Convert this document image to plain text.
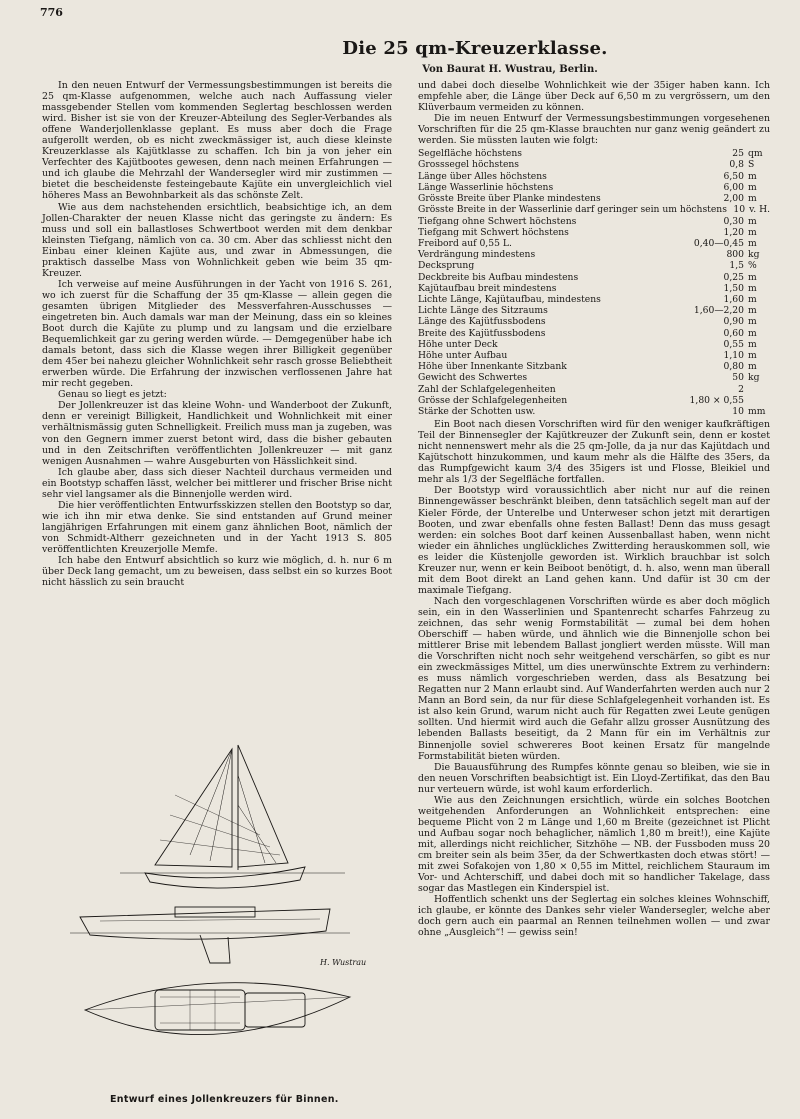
776
Die 25 qm-Kreuzerklasse.
Von Baurat H. Wustrau, Berlin.

In den neuen Entwurf der Vermessungsbestimmungen ist bereits die 25 qm-Klasse aufgenommen, welche auch nach Auffassung vieler massgebender Stellen vom kommenden Seglertag beschlossen werden wird. Bisher ist sie von der Kreuzer-Abteilung des Segler-Verbandes als offene Wanderjollenklasse geplant. Es muss aber doch die Frage aufgerollt werden, ob es nicht zweckmässiger ist, auch diese kleinste Kreuzerklasse als Kajütklasse zu schaffen. Ich bin ja von jeher ein Verfechter des Kajütbootes gewesen, denn nach meinen Erfahrungen — und ich glaube die Mehrzahl der Wandersegler wird mir zustimmen — bietet die bescheidenste festeingebaute Kajüte ein unvergleichlich viel höheres Mass an Bewohnbarkeit als das schönste Zelt.

Wie aus dem nachstehenden ersichtlich, beabsichtige ich, an dem Jollen-Charakter der neuen Klasse nicht das geringste zu ändern: Es muss und soll ein ballastloses Schwertboot werden mit dem denkbar kleinsten Tiefgang, nämlich von ca. 30 cm. Aber das schliesst nicht den Einbau einer kleinen Kajüte aus, und zwar in Abmessungen, die praktisch dasselbe Mass von Wohnlichkeit geben wie beim 35 qm-Kreuzer.

Ich verweise auf meine Ausführungen in der Yacht von 1916 S. 261, wo ich zuerst für die Schaffung der 35 qm-Klasse — allein gegen die gesamten übrigen Mitglieder des Messverfahren-Ausschusses — eingetreten bin. Auch damals war man der Meinung, dass ein so kleines Boot durch die Kajüte zu plump und zu langsam und die erzielbare Bequemlichkeit gar zu gering werden würde. — Demgegenüber habe ich damals betont, dass sich die Klasse wegen ihrer Billigkeit gegenüber dem 45er bei nahezu gleicher Wohnlichkeit sehr rasch grosse Beliebtheit erwerben würde. Die Erfahrung der inzwischen verflossenen Jahre hat mir recht gegeben.

Genau so liegt es jetzt:

Der Jollenkreuzer ist das kleine Wohn- und Wanderboot der Zukunft, denn er vereinigt Billigkeit, Handlichkeit und Wohnlichkeit mit einer verhältnismässig guten Schnelligkeit. Freilich muss man ja zugeben, was von den Gegnern immer zuerst betont wird, dass die bisher gebauten und in den Zeitschriften veröffentlichten Jollenkreuzer — mit ganz wenigen Ausnahmen — wahre Ausgeburten von Hässlichkeit sind.

Ich glaube aber, dass sich dieser Nachteil durchaus vermeiden und ein Bootstyp schaffen lässt, welcher bei mittlerer und frischer Brise nicht sehr viel langsamer als die Binnenjolle werden wird.

Die hier veröffentlichten Entwurfsskizzen stellen den Bootstyp so dar, wie ich ihn mir etwa denke. Sie sind entstanden auf Grund meiner langjährigen Erfahrungen mit einem ganz ähnlichen Boot, nämlich der von Schmidt-Altherr gezeichneten und in der Yacht 1913 S. 805 veröffentlichten Kreuzerjolle Memfe.

Ich habe den Entwurf absichtlich so kurz wie möglich, d. h. nur 6 m über Deck lang gemacht, um zu beweisen, dass selbst ein so kurzes Boot nicht hässlich zu sein braucht

und dabei doch dieselbe Wohnlichkeit wie der 35iger haben kann. Ich empfehle aber, die Länge über Deck auf 6,50 m zu vergrössern, um den Klüverbaum vermeiden zu können.

Die im neuen Entwurf der Vermessungsbestimmungen vorgesehenen Vorschriften für die 25 qm-Klasse brauchten nur ganz wenig geändert zu werden. Sie müssten lauten wie folgt:

Segelfläche höchstens	25 qm
Grosssegel höchstens	0,8 S
Länge über Alles höchstens	6,50 m
Länge Wasserlinie höchstens	6,00 m
Grösste Breite über Planke mindestens	2,00 m
Grösste Breite in der Wasserlinie darf geringer sein um höchstens 10 v. H.
Tiefgang ohne Schwert höchstens	0,30 m
Tiefgang mit Schwert höchstens	1,20 m
Freibord auf 0,55 L.	0,40—0,45 m
Verdrängung mindestens	800 kg
Decksprung	1,5 %
Deckbreite bis Aufbau mindestens	0,25 m
Kajütaufbau breit mindestens	1,50 m
Lichte Länge, Kajütaufbau, mindestens	1,60 m
Lichte Länge des Sitzraums	1,60—2,20 m
Länge des Kajütfussbodens	0,90 m
Breite des Kajütfussbodens	0,60 m
Höhe unter Deck	0,55 m
Höhe unter Aufbau	1,10 m
Höhe über Innenkante Sitzbank	0,80 m
Gewicht des Schwertes	50 kg
Zahl der Schlafgelegenheiten	2
Grösse der Schlafgelegenheiten	1,80 × 0,55
Stärke der Schotten usw.	10 mm

Ein Boot nach diesen Vorschriften wird für den weniger kaufkräftigen Teil der Binnensegler der Kajütkreuzer der Zukunft sein, denn er kostet nicht nennenswert mehr als die 25 qm-Jolle, da ja nur das Kajütdach und Kajütschott hinzukommen, und kaum mehr als die Hälfte des 35ers, da das Rumpfgewicht kaum 3/4 des 35igers ist und Flosse, Bleikiel und mehr als 1/3 der Segelfläche fortfallen.

Der Bootstyp wird voraussichtlich aber nicht nur auf die reinen Binnengewässer beschränkt bleiben, denn tatsächlich segelt man auf der Kieler Förde, der Unterelbe und Unterweser schon jetzt mit derartigen Booten, und zwar ebenfalls ohne festen Ballast! Denn das muss gesagt werden: ein solches Boot darf keinen Aussenballast haben, wenn nicht wieder ein ähnliches unglückliches Zwitterding herauskommen soll, wie es leider die Küstenjolle geworden ist. Wirklich brauchbar ist solch Kreuzer nur, wenn er kein Beiboot benötigt, d. h. also, wenn man überall mit dem Boot direkt an Land gehen kann. Und dafür ist 30 cm der maximale Tiefgang.

Nach den vorgeschlagenen Vorschriften würde es aber doch möglich sein, ein in den Wasserlinien und Spantenrecht scharfes Fahrzeug zu zeichnen, das sehr wenig Formstabilität — zumal bei dem hohen Oberschiff — haben würde, und ähnlich wie die Binnenjolle schon bei mittlerer Brise mit lebendem Ballast jongliert werden müsste. Will man die Vorschriften nicht noch sehr weitgehend verschärfen, so gibt es nur ein zweckmässiges Mittel, um dies unerwünschte Extrem zu verhindern: es muss nämlich vorgeschrieben werden, dass als Besatzung bei Regatten nur 2 Mann erlaubt sind. Auf Wanderfahrten werden auch nur 2 Mann an Bord sein, da nur für diese Schlafgelegenheit vorhanden ist. Es ist also kein Grund, warum nicht auch für Regatten zwei Leute genügen sollten. Und hiermit wird auch die Gefahr allzu grosser Ausnützung des lebenden Ballasts beseitigt, da 2 Mann für ein im Verhältnis zur Binnenjolle soviel schwereres Boot keinen Ersatz für mangelnde Formstabilität bieten würden.

Die Bauausführung des Rumpfes könnte genau so bleiben, wie sie in den neuen Vorschriften beabsichtigt ist. Ein Lloyd-Zertifikat, das den Bau nur verteuern würde, ist wohl kaum erforderlich.

Wie aus den Zeichnungen ersichtlich, würde ein solches Bootchen weitgehenden Anforderungen an Wohnlichkeit entsprechen: eine bequeme Plicht von 2 m Länge und 1,60 m Breite (gezeichnet ist Plicht und Aufbau sogar noch behaglicher, nämlich 1,80 m breit!), eine Kajüte mit, allerdings nicht reichlicher, Sitzhöhe — NB. der Fussboden muss 20 cm breiter sein als beim 35er, da der Schwertkasten doch etwas stört! — mit zwei Sofakojen von 1,80 × 0,55 im Mittel, reichlichem Stauraum im Vor- und Achterschiff, und dabei doch mit so handlicher Takelage, dass sogar das Mastlegen ein Kinderspiel ist.

Hoffentlich schenkt uns der Seglertag ein solches kleines Wohnschiff, ich glaube, er könnte des Dankes sehr vieler Wandersegler, welche aber doch gern auch ein paarmal an Rennen teilnehmen wollen — und zwar ohne „Ausgleich“! — gewiss sein!

H. Wustrau
Entwurf eines Jollenkreuzers für Binnen.
